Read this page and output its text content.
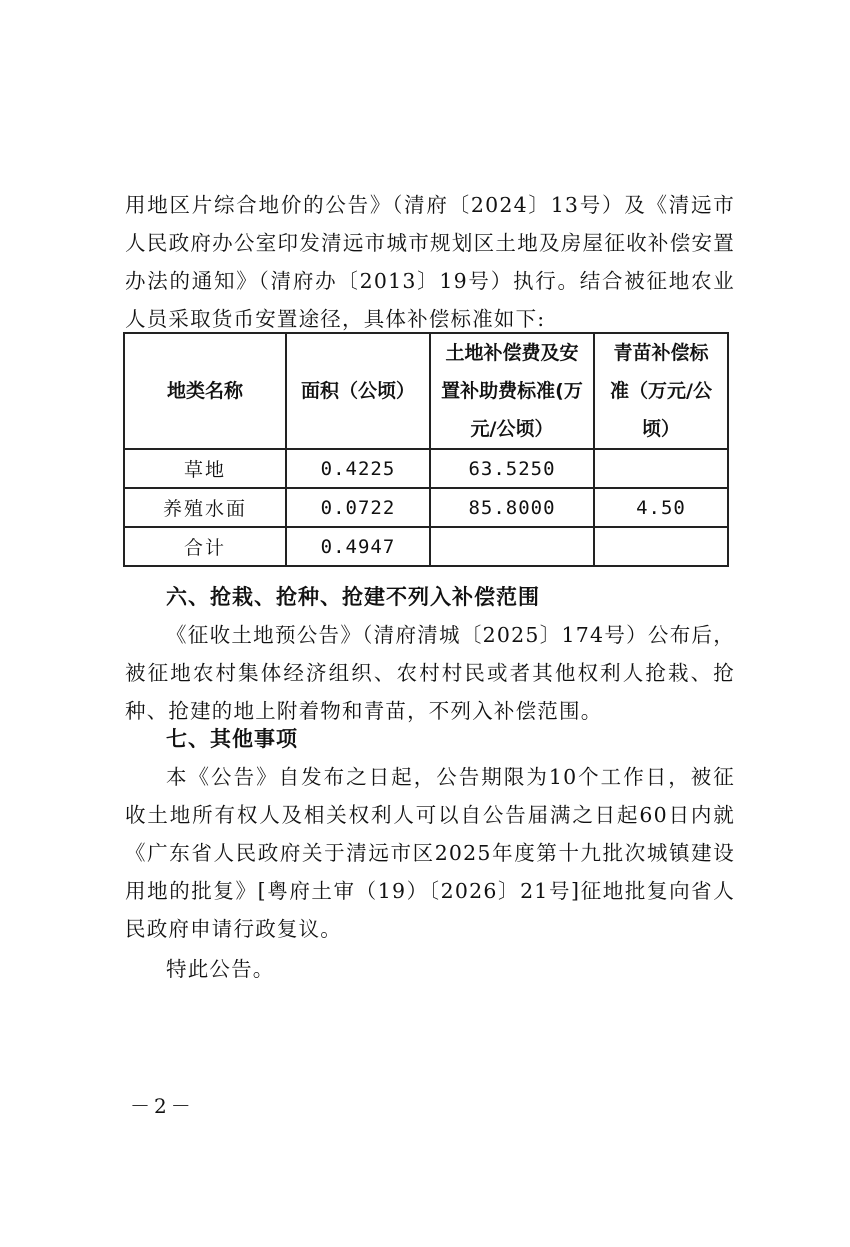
用地区片综合地价的公告》（清府〔2024〕13号）及《清远市人民政府办公室印发清远市城市规划区土地及房屋征收补偿安置办法的通知》（清府办〔2013〕19号）执行。结合被征地农业人员采取货币安置途径，具体补偿标准如下:
地类名称	面积（公顷）	土地补偿费及安置补助费标准(万元/公顷）	青苗补偿标准（万元/公顷）
草地	0.4225	63.5250	
养殖水面	0.0722	85.8000	4.50
合计	0.4947		
六、抢栽、抢种、抢建不列入补偿范围
《征收土地预公告》（清府清城〔2025〕174号）公布后，被征地农村集体经济组织、农村村民或者其他权利人抢栽、抢种、抢建的地上附着物和青苗，不列入补偿范围。
七、其他事项
本《公告》自发布之日起，公告期限为10个工作日，被征收土地所有权人及相关权利人可以自公告届满之日起60日内就《广东省人民政府关于清远市区2025年度第十九批次城镇建设用地的批复》[粤府土审（19）〔2026〕21号]征地批复向省人民政府申请行政复议。
特此公告。
－2－
